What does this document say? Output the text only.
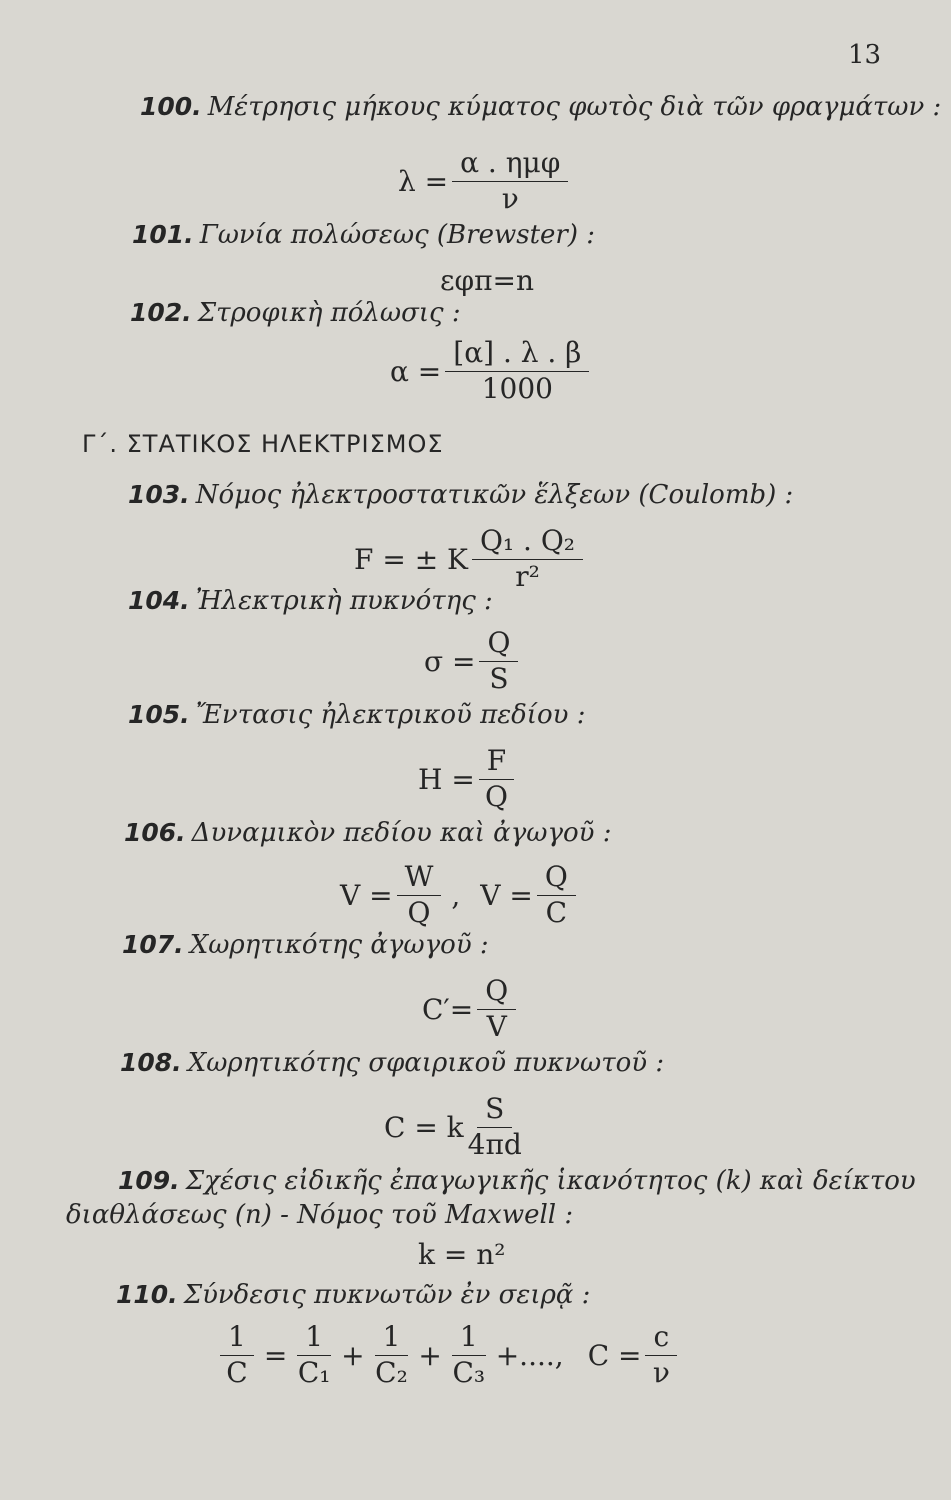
13
100. Μέτρησις μήκους κύματος φωτὸς διὰ τῶν φραγμάτων :
$\lambda = \frac{\text{α . ημφ}}{\nu}$
101. Γωνία πολώσεως (Brewster) :
εφπ=n
102. Στροφικὴ πόλωσις :
$\alpha = \frac{[\alpha] . \lambda . \beta}{1000}$
Γ΄. ΣΤΑΤΙΚΟΣ ΗΛΕΚΤΡΙΣΜΟΣ
103. Νόμος ἠλεκτροστατικῶν ἕλξεων (Coulomb) :
F = ± K $\frac{\text{Q₁ . Q₂}}{\text{r²}}$
104. Ἠλεκτρικὴ πυκνότης :
$\sigma = \frac{Q}{S}$
105. Ἔντασις ἠλεκτρικοῦ πεδίου :
$H = \frac{F}{Q}$
106. Δυναμικὸν πεδίου καὶ ἀγωγοῦ :
$V = \frac{W}{Q}$ , $V = \frac{Q}{C}$
107. Χωρητικότης ἀγωγοῦ :
$C'= \frac{Q}{V}$
108. Χωρητικότης σφαιρικοῦ πυκνωτοῦ :
C = k $\frac{S}{4\pi d}$
109. Σχέσις εἰδικῆς ἐπαγωγικῆς ἱκανότητος (k) καὶ δείκτου
διαθλάσεως (n) - Νόμος τοῦ Maxwell :
k = n²
110. Σύνδεσις πυκνωτῶν ἐν σειρᾷ :
$\frac{1}{C} = \frac{1}{\text{C₁}} + \frac{1}{\text{C₂}} + \frac{1}{\text{C₃}}$ +...., $C = \frac{c}{\nu}$
